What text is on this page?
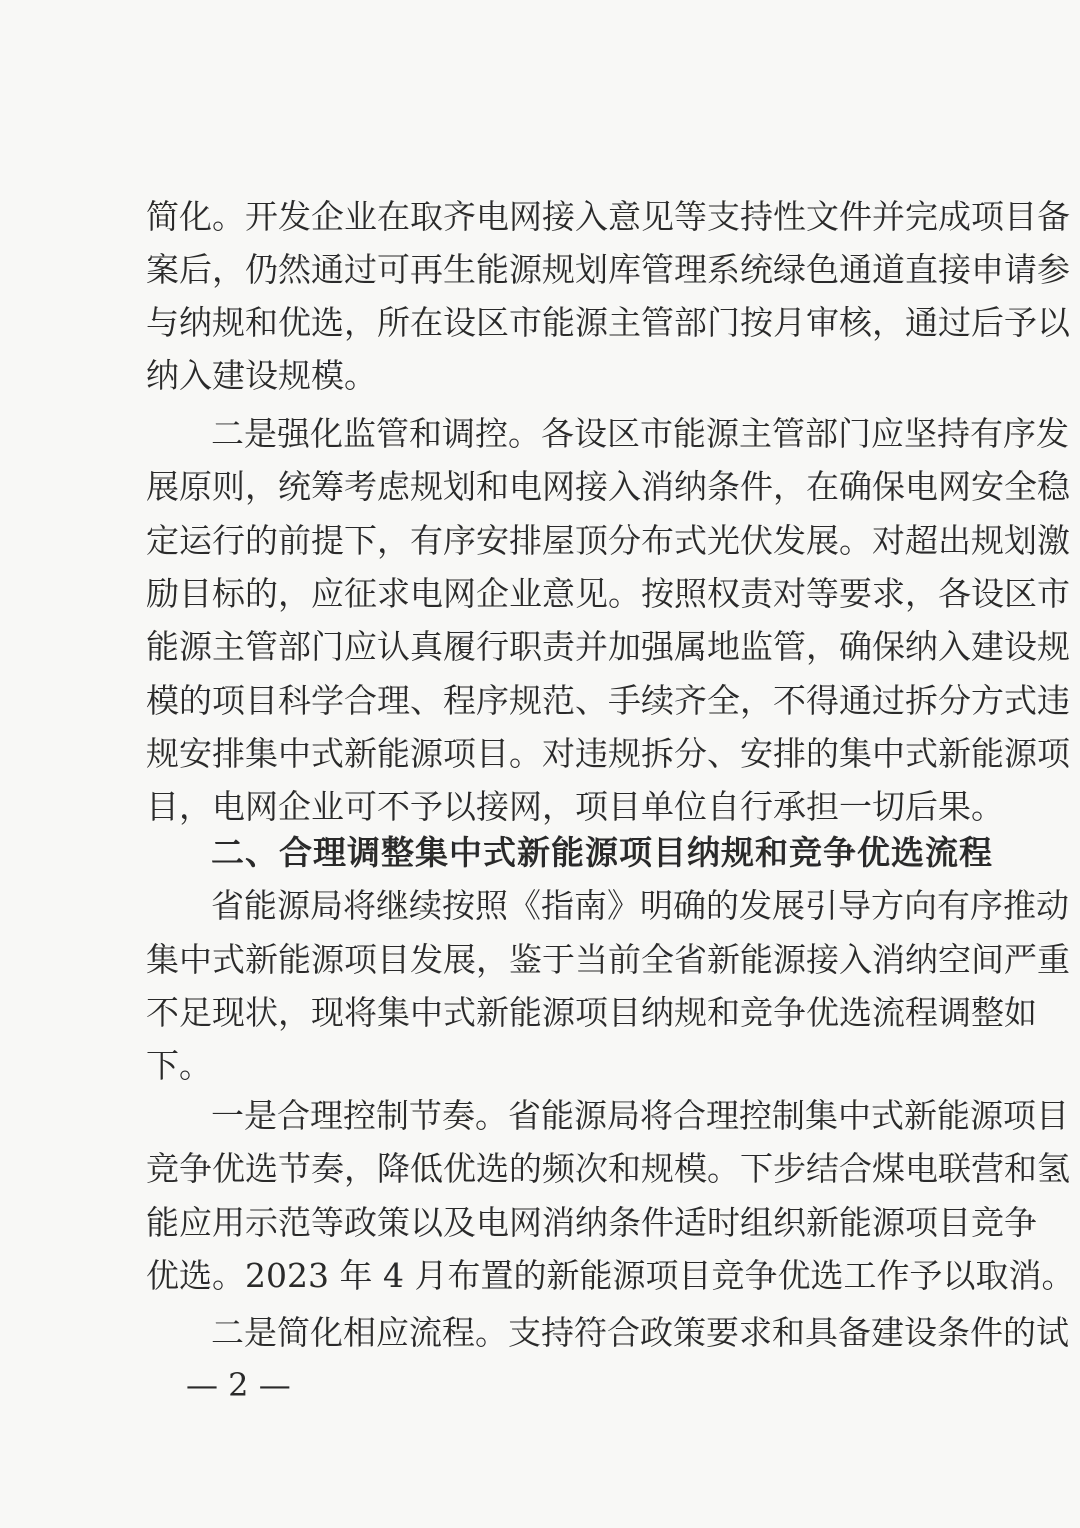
简化。开发企业在取齐电网接入意见等支持性文件并完成项目备
案后，仍然通过可再生能源规划库管理系统绿色通道直接申请参
与纳规和优选，所在设区市能源主管部门按月审核，通过后予以
纳入建设规模。
二是强化监管和调控。各设区市能源主管部门应坚持有序发
展原则，统筹考虑规划和电网接入消纳条件，在确保电网安全稳
定运行的前提下，有序安排屋顶分布式光伏发展。对超出规划激
励目标的，应征求电网企业意见。按照权责对等要求，各设区市
能源主管部门应认真履行职责并加强属地监管，确保纳入建设规
模的项目科学合理、程序规范、手续齐全，不得通过拆分方式违
规安排集中式新能源项目。对违规拆分、安排的集中式新能源项
目，电网企业可不予以接网，项目单位自行承担一切后果。
二、合理调整集中式新能源项目纳规和竞争优选流程
省能源局将继续按照《指南》明确的发展引导方向有序推动
集中式新能源项目发展，鉴于当前全省新能源接入消纳空间严重
不足现状，现将集中式新能源项目纳规和竞争优选流程调整如
下。
一是合理控制节奏。省能源局将合理控制集中式新能源项目
竞争优选节奏，降低优选的频次和规模。下步结合煤电联营和氢
能应用示范等政策以及电网消纳条件适时组织新能源项目竞争
优选。2023 年 4 月布置的新能源项目竞争优选工作予以取消。
二是简化相应流程。支持符合政策要求和具备建设条件的试
— 2 —
